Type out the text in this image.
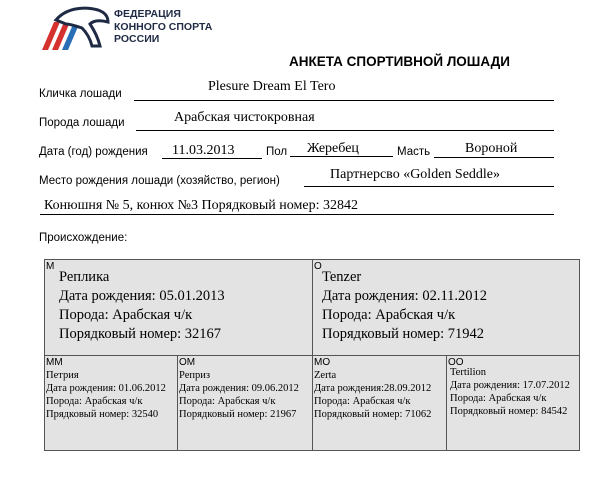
ФЕДЕРАЦИЯ
КОННОГО СПОРТА
РОССИИ
АНКЕТА СПОРТИВНОЙ ЛОШАДИ
Кличка лошади	Plesure Dream El Tero
Порода лошади	Арабская чистокровная
Дата (год) рождения 11.03.2013	Пол Жеребец	Масть Вороной
Место рождения лошади (хозяйство, регион)	Партнерсво «Golden Seddle»
Конюшня № 5, конюх №3 Порядковый номер: 32842
Происхождение:
М
Реплика
Дата рождения: 05.01.2013
Порода: Арабская ч/к
Порядковый номер: 32167
О
Tenzer
Дата рождения: 02.11.2012
Порода: Арабская ч/к
Порядковый номер: 71942
ММ
Петрия
Дата рождения: 01.06.2012
Порода: Арабская ч/к
Прядковый номер: 32540
ОМ
Реприз
Дата рождения: 09.06.2012
Порода: Арабская ч/к
Порядковый номер: 21967
МО
Zerta
Дата рождения:28.09.2012
Порода: Арабская ч/к
Порядковый номер: 71062
ОО
Tertilion
Дата рождения: 17.07.2012
Порода: Арабская ч/к
Порядковый номер: 84542
